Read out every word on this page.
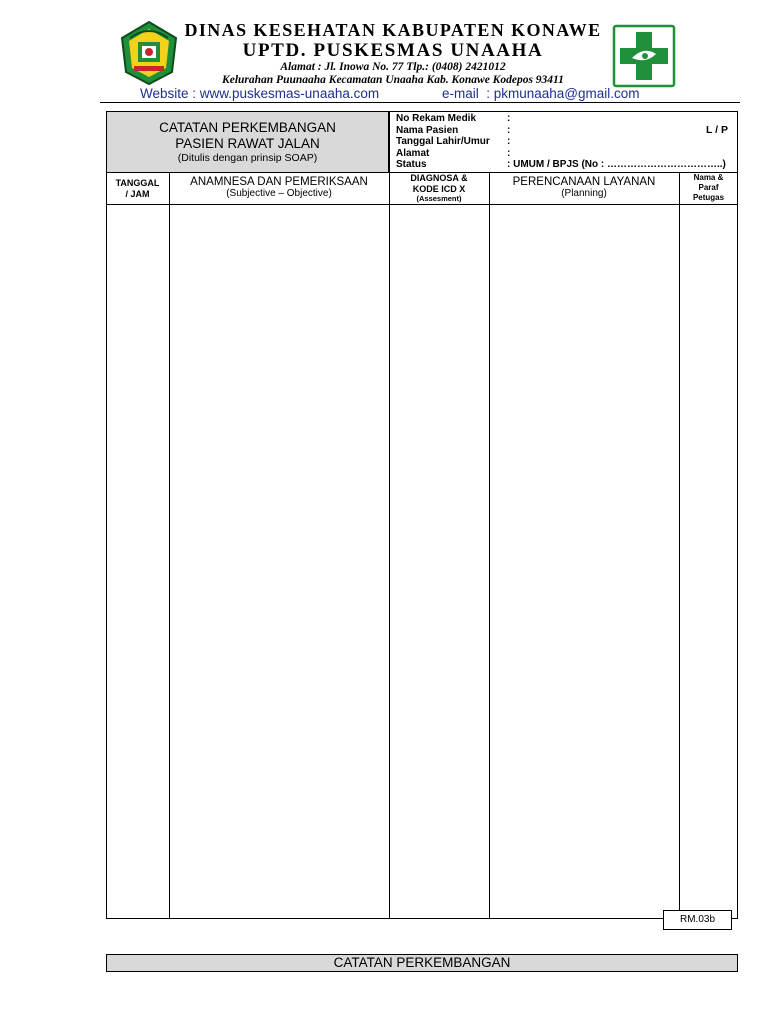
DINAS KESEHATAN KABUPATEN KONAWE
UPTD. PUSKESMAS UNAAHA
Alamat : Jl. Inowa No. 77 Tlp.: (0408) 2421012
Kelurahan Puunaaha Kecamatan Unaaha Kab. Konawe Kodepos 93411
Website : www.puskesmas-unaaha.com	e-mail  : pkmunaaha@gmail.com
CATATAN PERKEMBANGAN
PASIEN RAWAT JALAN
(Ditulis dengan prinsip SOAP)
No Rekam Medik
Nama Pasien
Tanggal Lahir/Umur
Alamat
Status
:
:
:
:
: UMUM / BPJS (No : ……………………………..)
L / P
TANGGAL
/ JAM
ANAMNESA DAN PEMERIKSAAN
(Subjective – Objective)
DIAGNOSA &
KODE ICD X
(Assesment)
PERENCANAAN LAYANAN
(Planning)
Nama &
Paraf
Petugas
RM.03b
CATATAN PERKEMBANGAN
